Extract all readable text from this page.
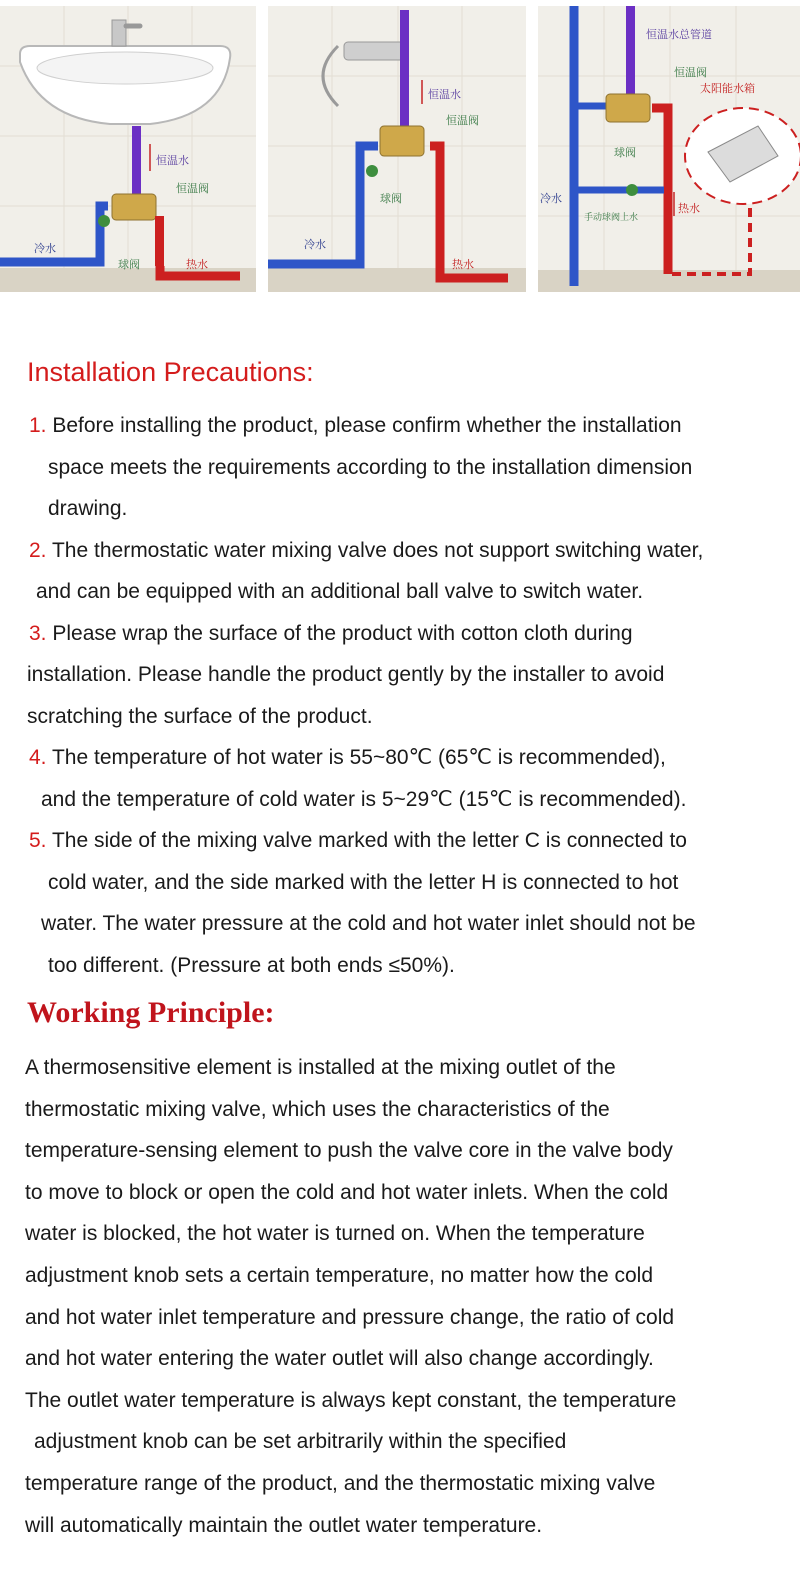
冷水
球阀	热水
恒温水
恒温阀
恒温水
恒温阀
球阀
冷水
热水
恒温水总管道
恒温阀
太阳能水箱
球阀
冷水
热水
手动球阀上水
Installation Precautions:
1. Before installing the product, please confirm whether the installation
space meets the requirements according to the installation dimension
drawing.
2. The thermostatic water mixing valve does not support switching water,
and can be equipped with an additional ball valve to switch water.
3. Please wrap the surface of the product with cotton cloth during
installation. Please handle the product gently by the installer to avoid
scratching the surface of the product.
4. The temperature of hot water is 55~80℃ (65℃ is recommended),
and the temperature of cold water is 5~29℃ (15℃ is recommended).
5. The side of the mixing valve marked with the letter C is connected to
cold water, and the side marked with the letter H is connected to hot
water. The water pressure at the cold and hot water inlet should not be
too different. (Pressure at both ends ≤50%).
Working Principle:
A thermosensitive element is installed at the mixing outlet of the
thermostatic mixing valve, which uses the characteristics of the
temperature-sensing element to push the valve core in the valve body
to move to block or open the cold and hot water inlets. When the cold
water is blocked, the hot water is turned on. When the temperature
adjustment knob sets a certain temperature, no matter how the cold
and hot water inlet temperature and pressure change, the ratio of cold
and hot water entering the water outlet will also change accordingly.
The outlet water temperature is always kept constant, the temperature
adjustment knob can be set arbitrarily within the specified
temperature range of the product, and the thermostatic mixing valve
will automatically maintain the outlet water temperature.
